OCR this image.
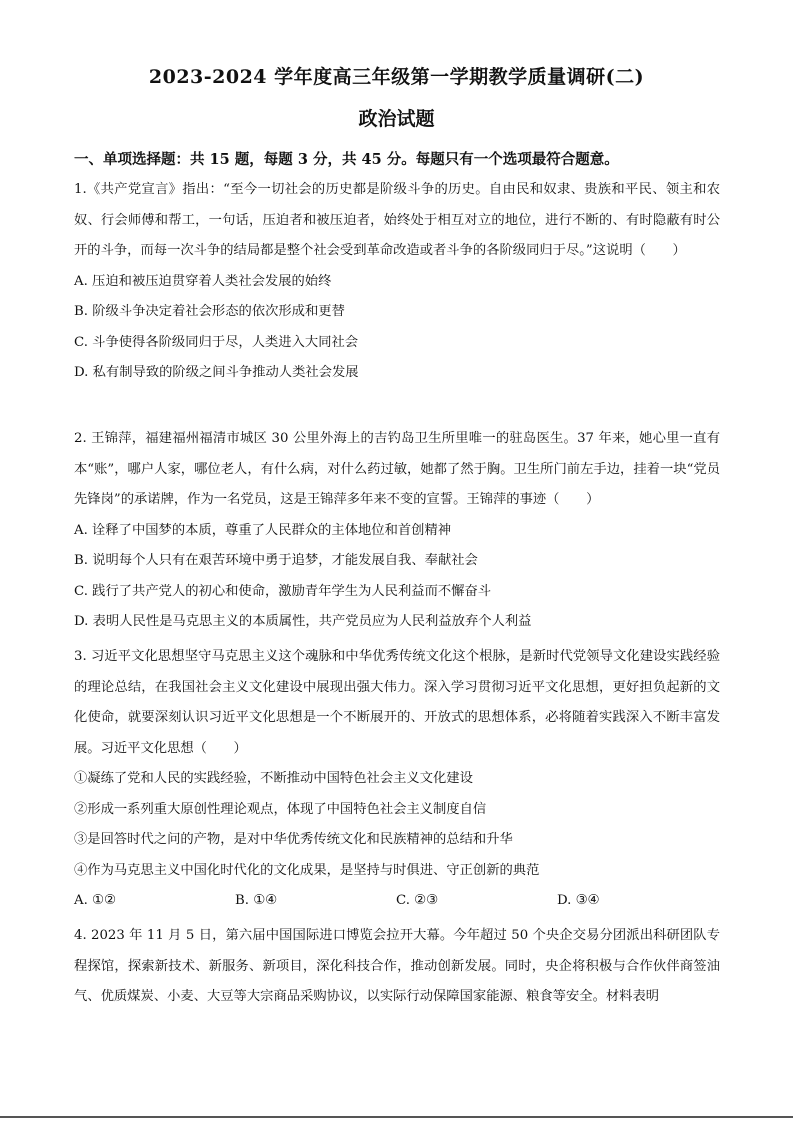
2023-2024 学年度高三年级第一学期教学质量调研(二)
政治试题
一、单项选择题：共 15 题，每题 3 分，共 45 分。每题只有一个选项最符合题意。

1.《共产党宣言》指出：“至今一切社会的历史都是阶级斗争的历史。自由民和奴隶、贵族和平民、领主和农奴、行会师傅和帮工，一句话，压迫者和被压迫者，始终处于相互对立的地位，进行不断的、有时隐蔽有时公开的斗争，而每一次斗争的结局都是整个社会受到革命改造或者斗争的各阶级同归于尽。”这说明（　　）

A. 压迫和被压迫贯穿着人类社会发展的始终

B. 阶级斗争决定着社会形态的依次形成和更替

C. 斗争使得各阶级同归于尽，人类进入大同社会

D. 私有制导致的阶级之间斗争推动人类社会发展

2. 王锦萍，福建福州福清市城区 30 公里外海上的吉钓岛卫生所里唯一的驻岛医生。37 年来，她心里一直有本“账”，哪户人家，哪位老人，有什么病，对什么药过敏，她都了然于胸。卫生所门前左手边，挂着一块“党员先锋岗”的承诺牌，作为一名党员，这是王锦萍多年来不变的宣誓。王锦萍的事迹（　　）

A. 诠释了中国梦的本质，尊重了人民群众的主体地位和首创精神

B. 说明每个人只有在艰苦环境中勇于追梦，才能发展自我、奉献社会

C. 践行了共产党人的初心和使命，激励青年学生为人民利益而不懈奋斗

D. 表明人民性是马克思主义的本质属性，共产党员应为人民利益放弃个人利益

3. 习近平文化思想坚守马克思主义这个魂脉和中华优秀传统文化这个根脉，是新时代党领导文化建设实践经验的理论总结，在我国社会主义文化建设中展现出强大伟力。深入学习贯彻习近平文化思想，更好担负起新的文化使命，就要深刻认识习近平文化思想是一个不断展开的、开放式的思想体系，必将随着实践深入不断丰富发展。习近平文化思想（　　）

①凝练了党和人民的实践经验，不断推动中国特色社会主义文化建设

②形成一系列重大原创性理论观点，体现了中国特色社会主义制度自信

③是回答时代之问的产物，是对中华优秀传统文化和民族精神的总结和升华

④作为马克思主义中国化时代化的文化成果，是坚持与时俱进、守正创新的典范

A. ①②	B. ①④	C. ②③	D. ③④

4. 2023 年 11 月 5 日，第六届中国国际进口博览会拉开大幕。今年超过 50 个央企交易分团派出科研团队专程探馆，探索新技术、新服务、新项目，深化科技合作，推动创新发展。同时，央企将积极与合作伙伴商签油气、优质煤炭、小麦、大豆等大宗商品采购协议，以实际行动保障国家能源、粮食等安全。材料表明
